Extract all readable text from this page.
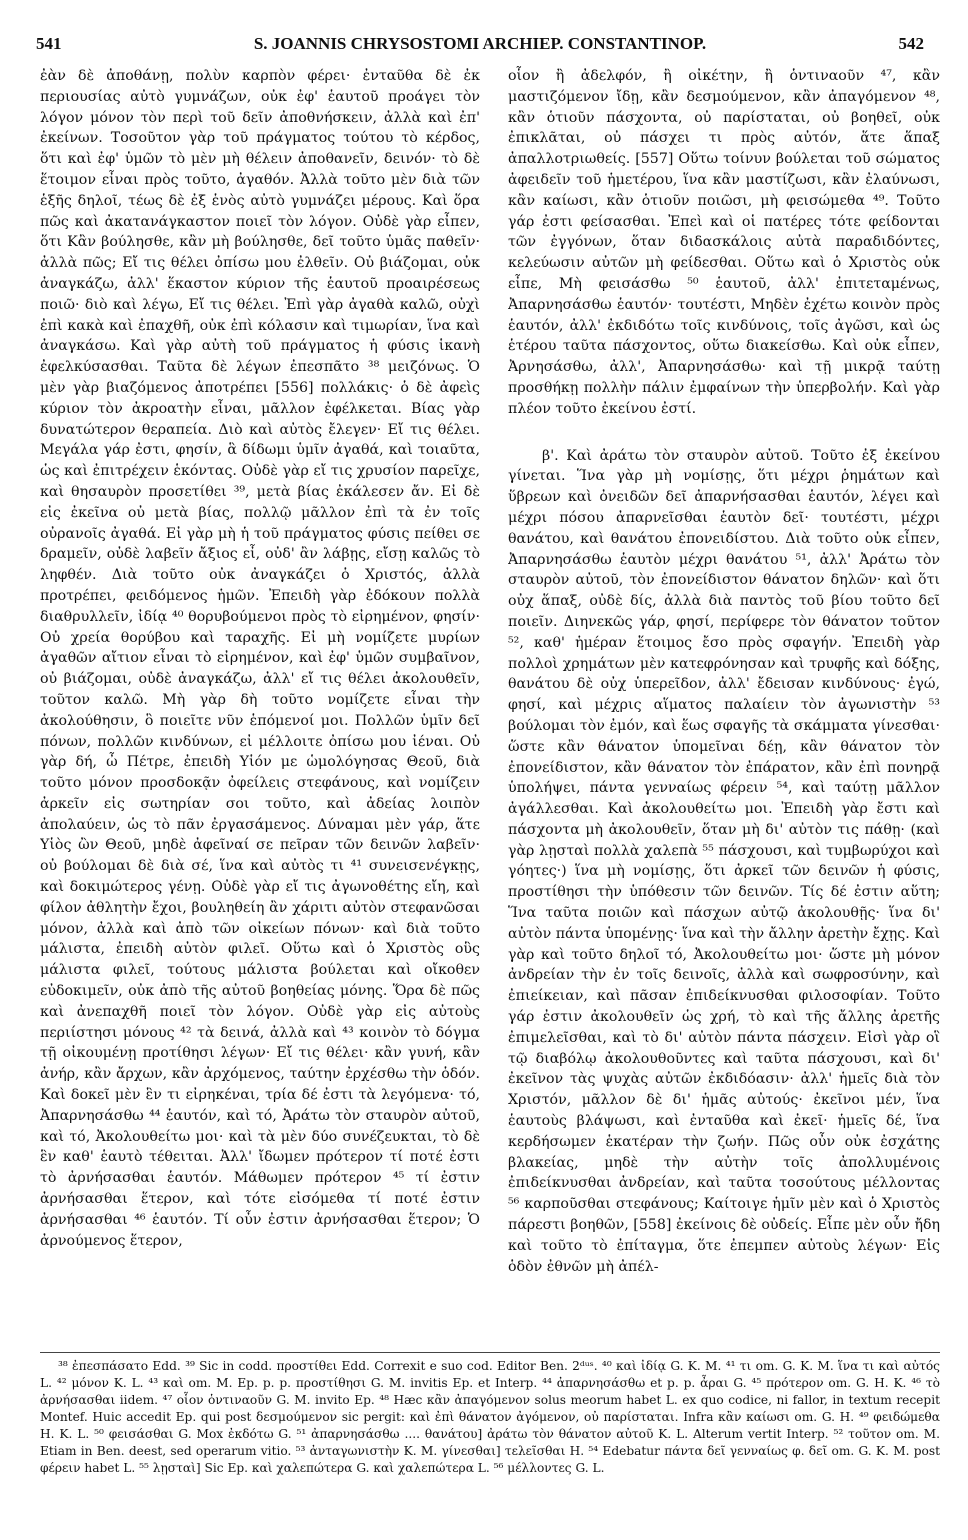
541	S. JOANNIS CHRYSOSTOMI ARCHIEP. CONSTANTINOP.	542

ἐὰν δὲ ἀποθάνῃ, πολὺν καρπὸν φέρει· ἐνταῦθα δὲ ἐκ περιουσίας αὐτὸ γυμνάζων, οὐκ ἐφ' ἑαυτοῦ προάγει τὸν λόγον μόνον τὸν περὶ τοῦ δεῖν ἀποθνήσκειν, ἀλλὰ καὶ ἐπ' ἐκείνων. Τοσοῦτον γὰρ τοῦ πράγματος τούτου τὸ κέρδος, ὅτι καὶ ἐφ' ὑμῶν τὸ μὲν μὴ θέλειν ἀποθανεῖν, δεινόν· τὸ δὲ ἕτοιμον εἶναι πρὸς τοῦτο, ἀγαθόν. Ἀλλὰ τοῦτο μὲν διὰ τῶν ἑξῆς δηλοῖ, τέως δὲ ἐξ ἑνὸς αὐτὸ γυμνάζει μέρους. Καὶ ὅρα πῶς καὶ ἀκατανάγκαστον ποιεῖ τὸν λόγον. Οὐδὲ γὰρ εἶπεν, ὅτι Κἂν βούλησθε, κἂν μὴ βούλησθε, δεῖ τοῦτο ὑμᾶς παθεῖν· ἀλλὰ πῶς; Εἴ τις θέλει ὀπίσω μου ἐλθεῖν. Οὐ βιάζομαι, οὐκ ἀναγκάζω, ἀλλ' ἕκαστον κύριον τῆς ἑαυτοῦ προαιρέσεως ποιῶ· διὸ καὶ λέγω, Εἴ τις θέλει. Ἐπὶ γὰρ ἀγαθὰ καλῶ, οὐχὶ ἐπὶ κακὰ καὶ ἐπαχθῆ, οὐκ ἐπὶ κόλασιν καὶ τιμωρίαν, ἵνα καὶ ἀναγκάσω. Καὶ γὰρ αὐτὴ τοῦ πράγματος ἡ φύσις ἱκανὴ ἐφελκύσασθαι. Ταῦτα δὲ λέγων ἐπεσπᾶτο ³⁸ μειζόνως. Ὁ μὲν γὰρ βιαζόμενος ἀποτρέπει [556] πολλάκις· ὁ δὲ ἀφεὶς κύριον τὸν ἀκροατὴν εἶναι, μᾶλλον ἐφέλκεται. Βίας γὰρ δυνατώτερον θεραπεία. Διὸ καὶ αὐτὸς ἔλεγεν· Εἴ τις θέλει. Μεγάλα γάρ ἐστι, φησίν, ἃ δίδωμι ὑμῖν ἀγαθά, καὶ τοιαῦτα, ὡς καὶ ἐπιτρέχειν ἑκόντας. Οὐδὲ γὰρ εἴ τις χρυσίον παρεῖχε, καὶ θησαυρὸν προσετίθει ³⁹, μετὰ βίας ἐκάλεσεν ἄν. Εἰ δὲ εἰς ἐκεῖνα οὐ μετὰ βίας, πολλῷ μᾶλλον ἐπὶ τὰ ἐν τοῖς οὐρανοῖς ἀγαθά. Εἰ γὰρ μὴ ἡ τοῦ πράγματος φύσις πείθει σε δραμεῖν, οὐδὲ λαβεῖν ἄξιος εἶ, οὐδ' ἂν λάβῃς, εἴσῃ καλῶς τὸ ληφθέν. Διὰ τοῦτο οὐκ ἀναγκάζει ὁ Χριστός, ἀλλὰ προτρέπει, φειδόμενος ἡμῶν. Ἐπειδὴ γὰρ ἐδόκουν πολλὰ διαθρυλλεῖν, ἰδίᾳ ⁴⁰ θορυβούμενοι πρὸς τὸ εἰρημένον, φησίν· Οὐ χρεία θορύβου καὶ ταραχῆς. Εἰ μὴ νομίζετε μυρίων ἀγαθῶν αἴτιον εἶναι τὸ εἰρημένον, καὶ ἐφ' ὑμῶν συμβαῖνον, οὐ βιάζομαι, οὐδὲ ἀναγκάζω, ἀλλ' εἴ τις θέλει ἀκολουθεῖν, τοῦτον καλῶ. Μὴ γὰρ δὴ τοῦτο νομίζετε εἶναι τὴν ἀκολούθησιν, ὃ ποιεῖτε νῦν ἑπόμενοί μοι. Πολλῶν ὑμῖν δεῖ πόνων, πολλῶν κινδύνων, εἰ μέλλοιτε ὀπίσω μου ἰέναι. Οὐ γὰρ δή, ὦ Πέτρε, ἐπειδὴ Υἱόν με ὡμολόγησας Θεοῦ, διὰ τοῦτο μόνον προσδοκᾷν ὀφείλεις στεφάνους, καὶ νομίζειν ἀρκεῖν εἰς σωτηρίαν σοι τοῦτο, καὶ ἀδείας λοιπὸν ἀπολαύειν, ὡς τὸ πᾶν ἐργασάμενος. Δύναμαι μὲν γάρ, ἅτε Υἱὸς ὢν Θεοῦ, μηδὲ ἀφεῖναί σε πεῖραν τῶν δεινῶν λαβεῖν· οὐ βούλομαι δὲ διὰ σέ, ἵνα καὶ αὐτὸς τι ⁴¹ συνεισενέγκῃς, καὶ δοκιμώτερος γένῃ. Οὐδὲ γὰρ εἴ τις ἀγωνοθέτης εἴη, καὶ φίλον ἀθλητὴν ἔχοι, βουληθείη ἂν χάριτι αὐτὸν στεφανῶσαι μόνον, ἀλλὰ καὶ ἀπὸ τῶν οἰκείων πόνων· καὶ διὰ τοῦτο μάλιστα, ἐπειδὴ αὐτὸν φιλεῖ. Οὕτω καὶ ὁ Χριστὸς οὓς μάλιστα φιλεῖ, τούτους μάλιστα βούλεται καὶ οἴκοθεν εὐδοκιμεῖν, οὐκ ἀπὸ τῆς αὐτοῦ βοηθείας μόνης. Ὅρα δὲ πῶς καὶ ἀνεπαχθῆ ποιεῖ τὸν λόγον. Οὐδὲ γὰρ εἰς αὐτοὺς περιίστησι μόνους ⁴² τὰ δεινά, ἀλλὰ καὶ ⁴³ κοινὸν τὸ δόγμα τῇ οἰκουμένῃ προτίθησι λέγων· Εἴ τις θέλει· κἂν γυνή, κἂν ἀνήρ, κἂν ἄρχων, κἂν ἀρχόμενος, ταύτην ἐρχέσθω τὴν ὁδόν. Καὶ δοκεῖ μὲν ἓν τι εἰρηκέναι, τρία δέ ἐστι τὰ λεγόμενα· τό, Ἀπαρνησάσθω ⁴⁴ ἑαυτόν, καὶ τό, Ἀράτω τὸν σταυρὸν αὐτοῦ, καὶ τό, Ἀκολουθείτω μοι· καὶ τὰ μὲν δύο συνέζευκται, τὸ δὲ ἓν καθ' ἑαυτὸ τέθειται. Ἀλλ' ἴδωμεν πρότερον τί ποτέ ἐστι τὸ ἀρνήσασθαι ἑαυτόν. Μάθωμεν πρότερον ⁴⁵ τί ἐστιν ἀρνήσασθαι ἕτερον, καὶ τότε εἰσόμεθα τί ποτέ ἐστιν ἀρνήσασθαι ⁴⁶ ἑαυτόν. Τί οὖν ἐστιν ἀρνήσασθαι ἕτερον; Ὁ ἀρνούμενος ἕτερον,

οἷον ἢ ἀδελφόν, ἢ οἰκέτην, ἢ ὁντιναοῦν ⁴⁷, κἂν μαστιζόμενον ἴδῃ, κἂν δεσμούμενον, κἂν ἀπαγόμενον ⁴⁸, κἂν ὁτιοῦν πάσχοντα, οὐ παρίσταται, οὐ βοηθεῖ, οὐκ ἐπικλᾶται, οὐ πάσχει τι πρὸς αὐτόν, ἅτε ἅπαξ ἀπαλλοτριωθείς. [557] Οὕτω τοίνυν βούλεται τοῦ σώματος ἀφειδεῖν τοῦ ἡμετέρου, ἵνα κἂν μαστίζωσι, κἂν ἐλαύνωσι, κἂν καίωσι, κἂν ὁτιοῦν ποιῶσι, μὴ φεισώμεθα ⁴⁹. Τοῦτο γάρ ἐστι φείσασθαι. Ἐπεὶ καὶ οἱ πατέρες τότε φείδονται τῶν ἐγγόνων, ὅταν διδασκάλοις αὐτὰ παραδιδόντες, κελεύωσιν αὐτῶν μὴ φείδεσθαι. Οὕτω καὶ ὁ Χριστὸς οὐκ εἶπε, Μὴ φεισάσθω ⁵⁰ ἑαυτοῦ, ἀλλ' ἐπιτεταμένως, Ἀπαρνησάσθω ἑαυτόν· τουτέστι, Μηδὲν ἐχέτω κοινὸν πρὸς ἑαυτόν, ἀλλ' ἐκδιδότω τοῖς κινδύνοις, τοῖς ἀγῶσι, καὶ ὡς ἑτέρου ταῦτα πάσχοντος, οὕτω διακείσθω. Καὶ οὐκ εἶπεν, Ἀρνησάσθω, ἀλλ', Ἀπαρνησάσθω· καὶ τῇ μικρᾷ ταύτῃ προσθήκῃ πολλὴν πάλιν ἐμφαίνων τὴν ὑπερβολήν. Καὶ γὰρ πλέον τοῦτο ἐκείνου ἐστί.

β'. Καὶ ἀράτω τὸν σταυρὸν αὐτοῦ. Τοῦτο ἐξ ἐκείνου γίνεται. Ἵνα γὰρ μὴ νομίσῃς, ὅτι μέχρι ῥημάτων καὶ ὕβρεων καὶ ὀνειδῶν δεῖ ἀπαρνήσασθαι ἑαυτόν, λέγει καὶ μέχρι πόσου ἀπαρνεῖσθαι ἑαυτὸν δεῖ· τουτέστι, μέχρι θανάτου, καὶ θανάτου ἐπονειδίστου. Διὰ τοῦτο οὐκ εἶπεν, Ἀπαρνησάσθω ἑαυτὸν μέχρι θανάτου ⁵¹, ἀλλ' Ἀράτω τὸν σταυρὸν αὐτοῦ, τὸν ἐπονείδιστον θάνατον δηλῶν· καὶ ὅτι οὐχ ἅπαξ, οὐδὲ δίς, ἀλλὰ διὰ παντὸς τοῦ βίου τοῦτο δεῖ ποιεῖν. Διηνεκῶς γάρ, φησί, περίφερε τὸν θάνατον τοῦτον ⁵², καθ' ἡμέραν ἕτοιμος ἔσο πρὸς σφαγήν. Ἐπειδὴ γὰρ πολλοὶ χρημάτων μὲν κατεφρόνησαν καὶ τρυφῆς καὶ δόξης, θανάτου δὲ οὐχ ὑπερεῖδον, ἀλλ' ἔδεισαν κινδύνους· ἐγώ, φησί, καὶ μέχρις αἵματος παλαίειν τὸν ἀγωνιστὴν ⁵³ βούλομαι τὸν ἐμόν, καὶ ἕως σφαγῆς τὰ σκάμματα γίνεσθαι· ὥστε κἂν θάνατον ὑπομεῖναι δέῃ, κἂν θάνατον τὸν ἐπονείδιστον, κἂν θάνατον τὸν ἐπάρατον, κἂν ἐπὶ πονηρᾷ ὑπολήψει, πάντα γενναίως φέρειν ⁵⁴, καὶ ταύτῃ μᾶλλον ἀγάλλεσθαι. Καὶ ἀκολουθείτω μοι. Ἐπειδὴ γὰρ ἔστι καὶ πάσχοντα μὴ ἀκολουθεῖν, ὅταν μὴ δι' αὐτὸν τις πάθῃ· (καὶ γὰρ λῃσταὶ πολλὰ χαλεπὰ ⁵⁵ πάσχουσι, καὶ τυμβωρύχοι καὶ γόητες·) ἵνα μὴ νομίσῃς, ὅτι ἀρκεῖ τῶν δεινῶν ἡ φύσις, προστίθησι τὴν ὑπόθεσιν τῶν δεινῶν. Τίς δέ ἐστιν αὕτη; Ἵνα ταῦτα ποιῶν καὶ πάσχων αὐτῷ ἀκολουθῇς· ἵνα δι' αὐτὸν πάντα ὑπομένῃς· ἵνα καὶ τὴν ἄλλην ἀρετὴν ἔχῃς. Καὶ γὰρ καὶ τοῦτο δηλοῖ τό, Ἀκολουθείτω μοι· ὥστε μὴ μόνον ἀνδρείαν τὴν ἐν τοῖς δεινοῖς, ἀλλὰ καὶ σωφροσύνην, καὶ ἐπιείκειαν, καὶ πᾶσαν ἐπιδείκνυσθαι φιλοσοφίαν. Τοῦτο γάρ ἐστιν ἀκολουθεῖν ὡς χρή, τὸ καὶ τῆς ἄλλης ἀρετῆς ἐπιμελεῖσθαι, καὶ τὸ δι' αὐτὸν πάντα πάσχειν. Εἰσὶ γὰρ οἳ τῷ διαβόλῳ ἀκολουθοῦντες καὶ ταῦτα πάσχουσι, καὶ δι' ἐκεῖνον τὰς ψυχὰς αὐτῶν ἐκδιδόασιν· ἀλλ' ἡμεῖς διὰ τὸν Χριστόν, μᾶλλον δὲ δι' ἡμᾶς αὐτούς· ἐκεῖνοι μέν, ἵνα ἑαυτοὺς βλάψωσι, καὶ ἐνταῦθα καὶ ἐκεῖ· ἡμεῖς δέ, ἵνα κερδήσωμεν ἑκατέραν τὴν ζωήν. Πῶς οὖν οὐκ ἐσχάτης βλακείας, μηδὲ τὴν αὐτὴν τοῖς ἀπολλυμένοις ἐπιδείκνυσθαι ἀνδρείαν, καὶ ταῦτα τοσούτους μέλλοντας ⁵⁶ καρποῦσθαι στεφάνους; Καίτοιγε ἡμῖν μὲν καὶ ὁ Χριστὸς πάρεστι βοηθῶν, [558] ἐκείνοις δὲ οὐδείς. Εἶπε μὲν οὖν ἤδη καὶ τοῦτο τὸ ἐπίταγμα, ὅτε ἐπεμπεν αὐτοὺς λέγων· Εἰς ὁδὸν ἐθνῶν μὴ ἀπέλ-

³⁸ ἐπεσπάσατο Edd. ³⁹ Sic in codd. προστίθει Edd. Correxit e suo cod. Editor Ben. 2ᵈᵘˢ. ⁴⁰ καὶ ἰδίᾳ G. K. M. ⁴¹ τι om. G. K. M. ἵνα τι καὶ αὐτός L. ⁴² μόνον K. L. ⁴³ καὶ om. M. Ep. p. p. προστίθησι G. M. invitis Ep. et Interp. ⁴⁴ ἀπαρνησάσθω et p. p. ἆραι G. ⁴⁵ πρότερον om. G. H. K. ⁴⁶ τὸ ἀρνήσασθαι iidem. ⁴⁷ οἷον ὁντιναοῦν G. M. invito Ep. ⁴⁸ Hæc κἂν ἀπαγόμενον solus meorum habet L. ex quo codice, ni fallor, in textum recepit Montef. Huic accedit Ep. qui post δεσμούμενον sic pergit: καὶ ἐπὶ θάνατον ἀγόμενον, οὐ παρίσταται. Infra κἂν καίωσι om. G. H. ⁴⁹ φειδώμεθα H. K. L. ⁵⁰ φεισάσθαι G. Mox ἐκδότω G. ⁵¹ ἀπαρνησάσθω .... θανάτου] ἀράτω τὸν θάνατον αὐτοῦ K. L. Alterum vertit Interp. ⁵² τοῦτον om. M. Etiam in Ben. deest, sed operarum vitio. ⁵³ ἀνταγωνιστὴν K. M. γίνεσθαι] τελεῖσθαι H. ⁵⁴ Edebatur πάντα δεῖ γενναίως φ. δεῖ om. G. K. M. post φέρειν habet L. ⁵⁵ λῃσταὶ] Sic Ep. καὶ χαλεπώτερα G. καὶ χαλεπώτερα L. ⁵⁶ μέλλοντες G. L.
